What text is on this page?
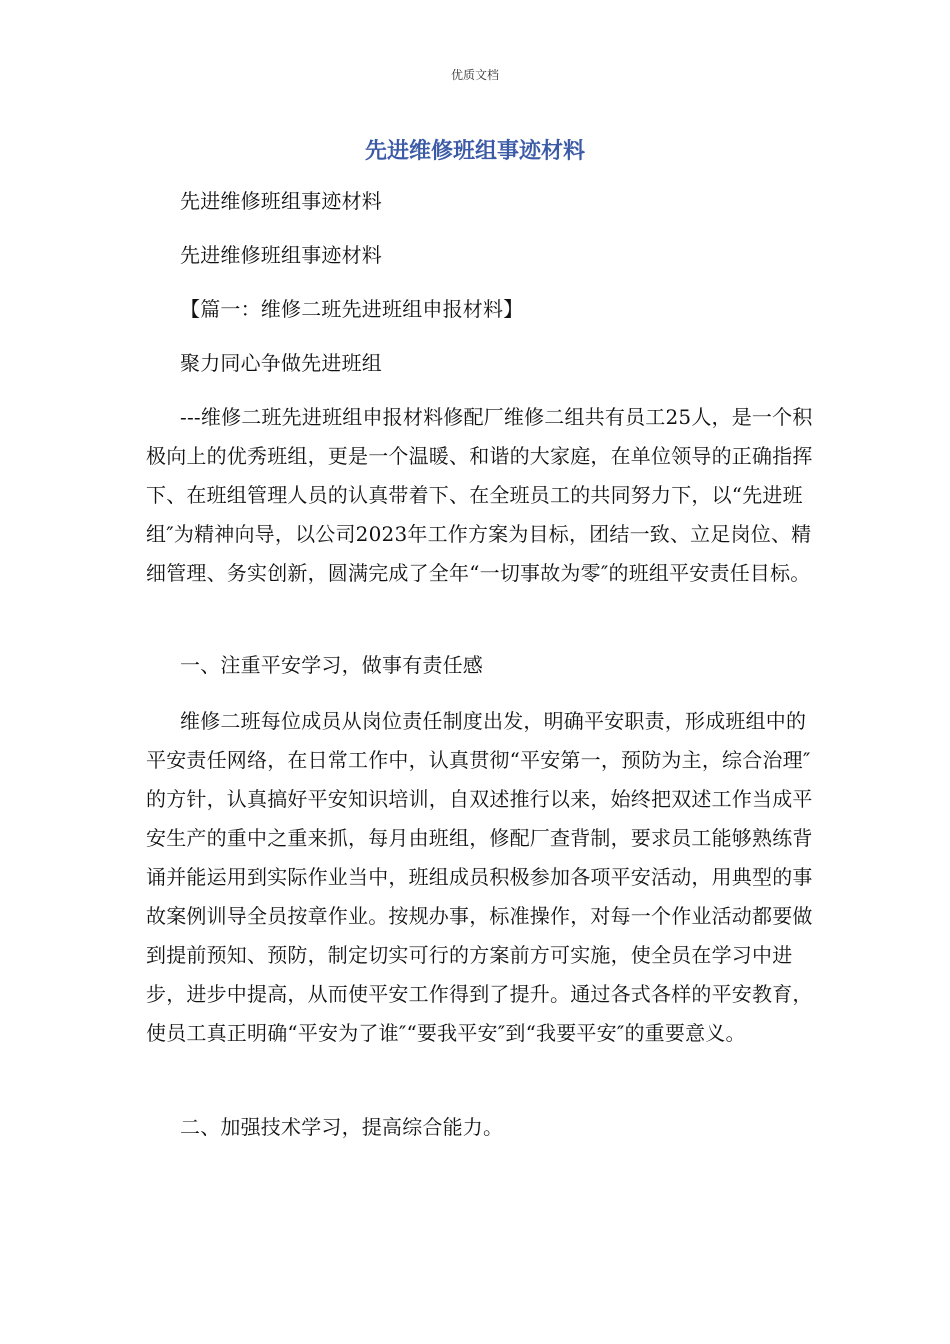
优质文档
先进维修班组事迹材料

先进维修班组事迹材料

先进维修班组事迹材料

【篇一：维修二班先进班组申报材料】

聚力同心争做先进班组

---维修二班先进班组申报材料修配厂维修二组共有员工25人，是一个积极向上的优秀班组，更是一个温暖、和谐的大家庭，在单位领导的正确指挥下、在班组管理人员的认真带着下、在全班员工的共同努力下，以“先进班组″为精神向导，以公司2023年工作方案为目标，团结一致、立足岗位、精细管理、务实创新，圆满完成了全年“一切事故为零″的班组平安责任目标。

一、注重平安学习，做事有责任感

维修二班每位成员从岗位责任制度出发，明确平安职责，形成班组中的平安责任网络，在日常工作中，认真贯彻“平安第一，预防为主，综合治理″的方针，认真搞好平安知识培训，自双述推行以来，始终把双述工作当成平安生产的重中之重来抓，每月由班组，修配厂查背制，要求员工能够熟练背诵并能运用到实际作业当中，班组成员积极参加各项平安活动，用典型的事故案例训导全员按章作业。按规办事，标准操作，对每一个作业活动都要做到提前预知、预防，制定切实可行的方案前方可实施，使全员在学习中进步，进步中提高，从而使平安工作得到了提升。通过各式各样的平安教育，使员工真正明确“平安为了谁″“要我平安″到“我要平安″的重要意义。

二、加强技术学习，提高综合能力。
